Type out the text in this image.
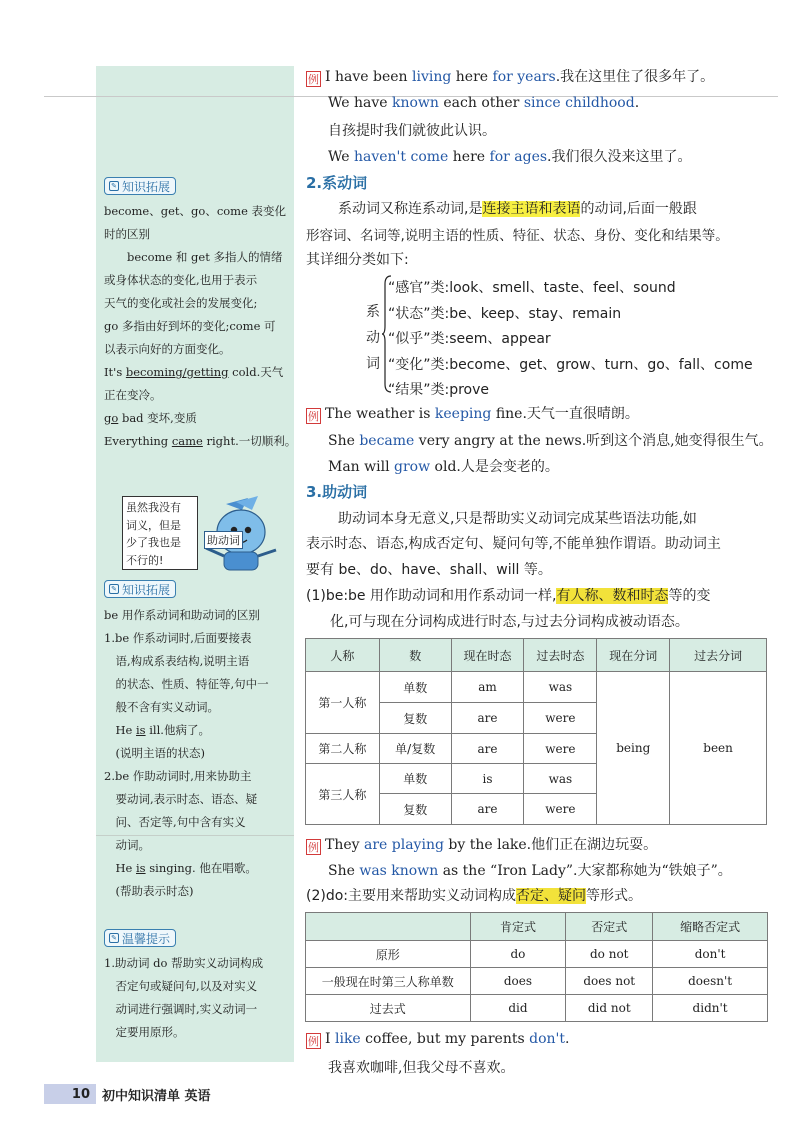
✎ 知识拓展
become、get、go、come 表变化
时的区别
　　become 和 get 多指人的情绪
或身体状态的变化,也用于表示
天气的变化或社会的发展变化;
go 多指由好到坏的变化;come 可
以表示向好的方面变化。
It's becoming/getting cold.天气
正在变冷。
go bad 变坏,变质
Everything came right.一切顺利。
虽然我没有
词义，但是
少了我也是
不行的!
助动词
✎ 知识拓展
be 用作系动词和助动词的区别
1.be 作系动词时,后面要接表
　语,构成系表结构,说明主语
　的状态、性质、特征等,句中一
　般不含有实义动词。
　He is ill.他病了。
　(说明主语的状态)
2.be 作助动词时,用来协助主
　要动词,表示时态、语态、疑
　问、否定等,句中含有实义
　动词。
　He is singing. 他在唱歌。
　(帮助表示时态)
✎ 温馨提示
1.助动词 do 帮助实义动词构成
　否定句或疑问句,以及对实义
　动词进行强调时,实义动词一
　定要用原形。
例 I have been living here for years.我在这里住了很多年了。
We have known each other since childhood.
自孩提时我们就彼此认识。
We haven't come here for ages.我们很久没来这里了。
2.系动词
系动词又称连系动词,是连接主语和表语的动词,后面一般跟
形容词、名词等,说明主语的性质、特征、状态、身份、变化和结果等。
其详细分类如下:
系
动
词
“感官”类:look、smell、taste、feel、sound
“状态”类:be、keep、stay、remain
“似乎”类:seem、appear
“变化”类:become、get、grow、turn、go、fall、come
“结果”类:prove
例 The weather is keeping fine.天气一直很晴朗。
She became very angry at the news.听到这个消息,她变得很生气。
Man will grow old.人是会变老的。
3.助动词
助动词本身无意义,只是帮助实义动词完成某些语法功能,如
表示时态、语态,构成否定句、疑问句等,不能单独作谓语。助动词主
要有 be、do、have、shall、will 等。
(1)be:be 用作助动词和用作系动词一样,有人称、数和时态等的变
化,可与现在分词构成进行时态,与过去分词构成被动语态。
人称	数	现在时态	过去时态	现在分词	过去分词
第一人称	单数	am	was	being	been
	复数	are	were		
第二人称	单/复数	are	were		
第三人称	单数	is	was		
	复数	are	were		
例 They are playing by the lake.他们正在湖边玩耍。
She was known as the “Iron Lady”.大家都称她为“铁娘子”。
(2)do:主要用来帮助实义动词构成否定、疑问等形式。
	肯定式	否定式	缩略否定式
原形	do	do not	don't
一般现在时第三人称单数	does	does not	doesn't
过去式	did	did not	didn't
例 I like coffee, but my parents don't.
我喜欢咖啡,但我父母不喜欢。
10 初中知识清单 英语
